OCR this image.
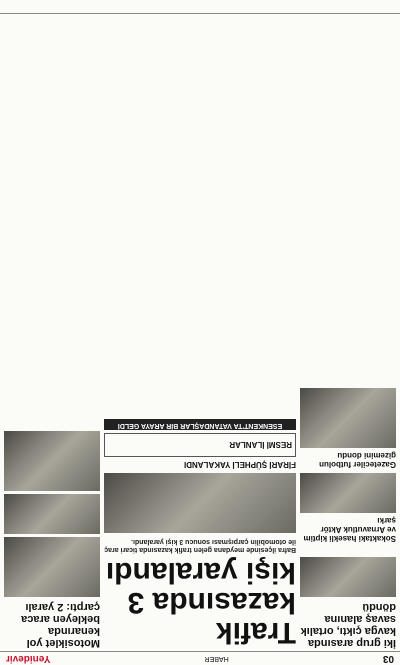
03
HABER
Yenidevir
İki grup arasında kavga çıktı, ortalık savaş alanına döndü

Sokaktaki hasekli kiptim ve Arnavutluk Aktör şarkı
Gazeteciler futbolun gizemini dondu
Trafik kazasında 3 kişi yaralandı
Bafra ilçesinde meydana gelen trafik kazasında ticari araç ile otomobilin çarpışması sonucu 3 kişi yaralandı.
FİRARİ ŞÜPHELİ YAKALANDI
RESMİ İLANLAR
ESENKENT'TA VATANDAŞLAR BİR ARAYA GELDİ
Motosiklet yol kenarında bekleyen araca çarptı: 2 yaralı
